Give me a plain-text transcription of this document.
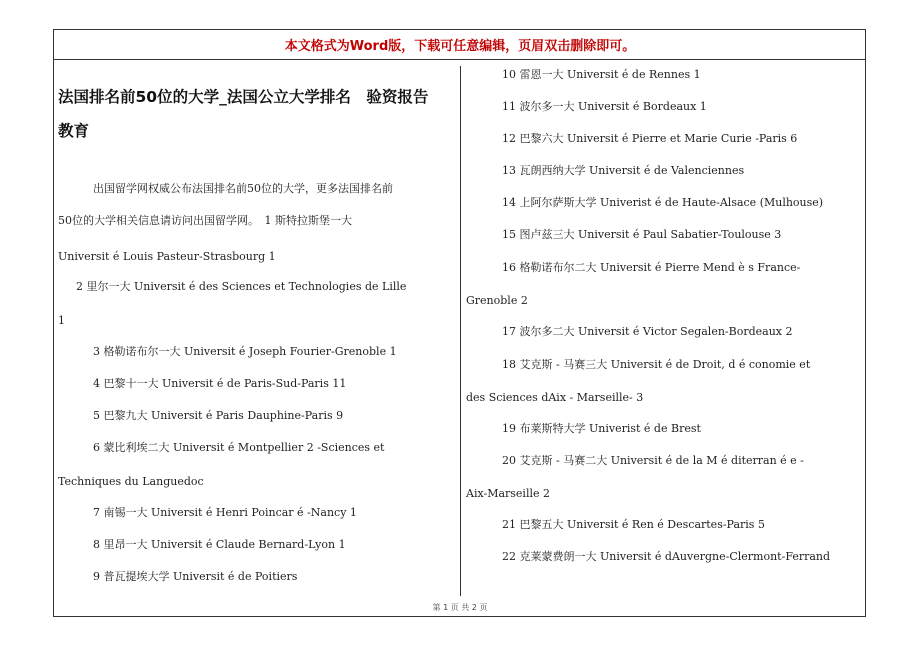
本文格式为Word版，下载可任意编辑，页眉双击删除即可。
法国排名前50位的大学_法国公立大学排名　验资报告　教育
出国留学网权威公布法国排名前50位的大学，更多法国排名前
50位的大学相关信息请访问出国留学网。　1 斯特拉斯堡一大
Universit é Louis Pasteur-Strasbourg 1
2 里尔一大 Universit é des Sciences et Technologies de Lille
1
3 格勒诺布尔一大 Universit é Joseph Fourier-Grenoble 1
4 巴黎十一大 Universit é de Paris-Sud-Paris 11
5 巴黎九大 Universit é Paris Dauphine-Paris 9
6 蒙比利埃二大 Universit é Montpellier 2 -Sciences et
Techniques du Languedoc
7 南锡一大 Universit é Henri Poincar é -Nancy 1
8 里昂一大 Universit é Claude Bernard-Lyon 1
9 普瓦提埃大学 Universit é de Poitiers
10 雷恩一大 Universit é de Rennes 1
11 波尔多一大 Universit é Bordeaux 1
12 巴黎六大 Universit é Pierre et Marie Curie -Paris 6
13 瓦朗西纳大学 Universit é de Valenciennes
14 上阿尔萨斯大学 Univerist é de Haute-Alsace (Mulhouse)
15 图卢兹三大 Universit é Paul Sabatier-Toulouse 3
16 格勒诺布尔二大 Universit é Pierre Mend è s France-
Grenoble 2
17 波尔多二大 Universit é Victor Segalen-Bordeaux 2
18 艾克斯 - 马赛三大 Universit é de Droit, d é conomie et
des Sciences dAix - Marseille- 3
19 布莱斯特大学 Univerist é de Brest
20 艾克斯 - 马赛二大 Universit é de la M é diterran é e -
Aix-Marseille 2
21 巴黎五大 Universit é Ren é Descartes-Paris 5
22 克莱蒙费朗一大 Universit é dAuvergne-Clermont-Ferrand
第 1 页 共 2 页
